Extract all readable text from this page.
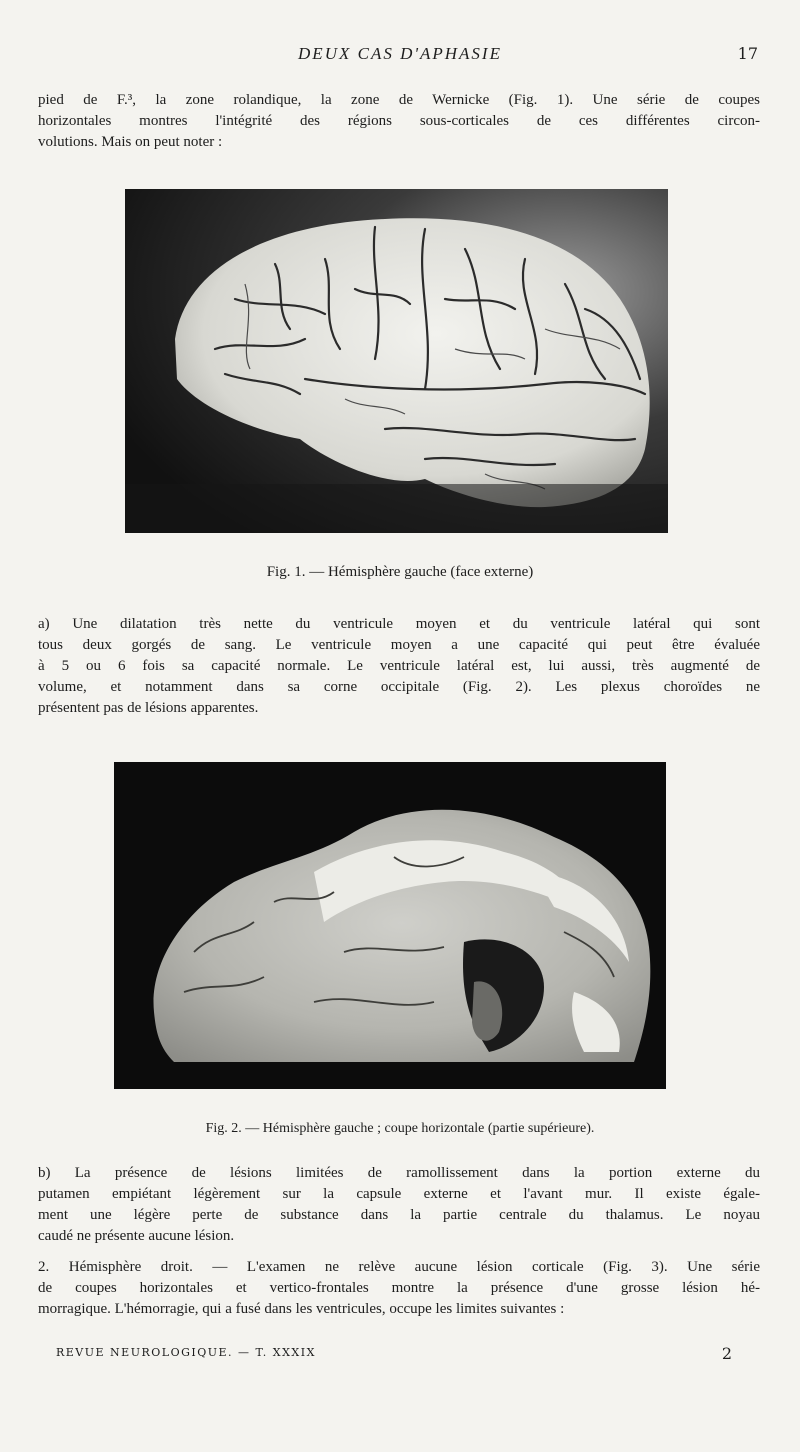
DEUX CAS D'APHASIE	17
pied de F.³, la zone rolandique, la zone de Wernicke (Fig. 1). Une série de coupes
horizontales montres l'intégrité des régions sous-corticales de ces différentes circon-
volutions. Mais on peut noter :
Fig. 1. — Hémisphère gauche (face externe)
a) Une dilatation très nette du ventricule moyen et du ventricule latéral qui sont
tous deux gorgés de sang. Le ventricule moyen a une capacité qui peut être évaluée
à 5 ou 6 fois sa capacité normale. Le ventricule latéral est, lui aussi, très augmenté de
volume, et notamment dans sa corne occipitale (Fig. 2). Les plexus choroïdes ne
présentent pas de lésions apparentes.
Fig. 2. — Hémisphère gauche ; coupe horizontale (partie supérieure).
b) La présence de lésions limitées de ramollissement dans la portion externe du
putamen empiétant légèrement sur la capsule externe et l'avant mur. Il existe égale-
ment une légère perte de substance dans la partie centrale du thalamus. Le noyau
caudé ne présente aucune lésion.
2. Hémisphère droit. — L'examen ne relève aucune lésion corticale (Fig. 3). Une série
de coupes horizontales et vertico-frontales montre la présence d'une grosse lésion hé-
morragique. L'hémorragie, qui a fusé dans les ventricules, occupe les limites suivantes :
REVUE NEUROLOGIQUE. — T. XXXIX	2
